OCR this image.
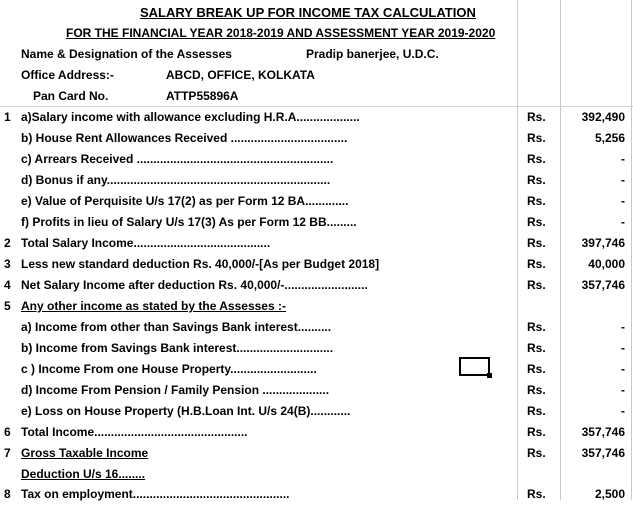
SALARY BREAK UP FOR INCOME TAX CALCULATION
FOR THE FINANCIAL YEAR 2018-2019 AND ASSESSMENT YEAR 2019-2020
Name & Designation of the Assesses	Pradip banerjee, U.D.C.
Office Address:-	ABCD, OFFICE, KOLKATA
Pan Card No.	ATTP55896A
1 a)Salary income with allowance excluding H.R.A...................	Rs.	392,490
b) House Rent Allowances Received ...................................	Rs.	5,256
c) Arrears Received ...........................................................	Rs.	-
d) Bonus if any...................................................................	Rs.	-
e) Value of Perquisite U/s 17(2) as per Form 12 BA.............	Rs.	-
f) Profits in lieu of Salary U/s 17(3) As per Form 12 BB.........	Rs.	-
2 Total Salary Income.........................................	Rs.	397,746
3 Less new standard deduction Rs. 40,000/-[As per Budget 2018]	Rs.	40,000
4 Net Salary Income after deduction Rs. 40,000/-.........................	Rs.	357,746
5 Any other income as stated by the Assesses :-
a) Income from other than Savings Bank interest..........	Rs.	-
b) Income from Savings Bank interest.............................	Rs.	-
c ) Income From one House Property..........................	Rs.	-
d) Income From Pension / Family Pension ....................	Rs.	-
e) Loss on House Property (H.B.Loan Int. U/s 24(B)............	Rs.	-
6 Total Income..............................................	Rs.	357,746
7 Gross Taxable Income	Rs.	357,746
Deduction U/s 16........
8 Tax on employment...............................................	Rs.	2,500
